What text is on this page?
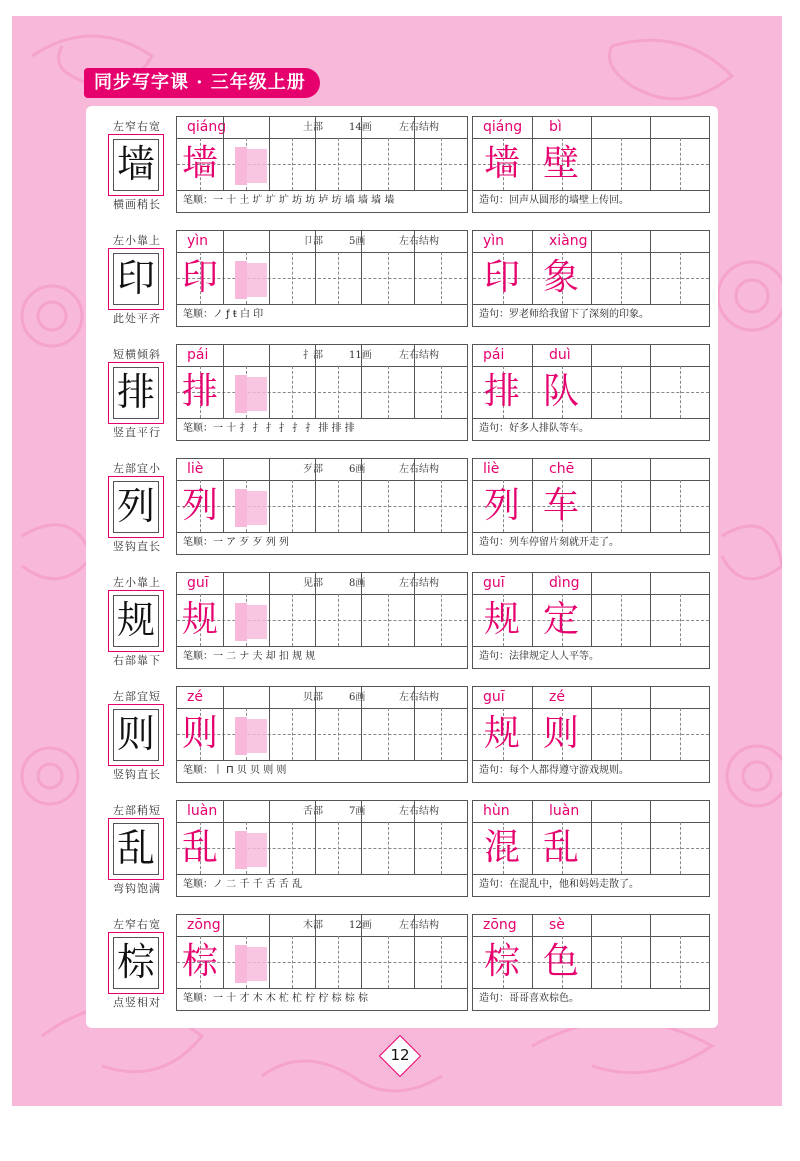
同步写字课 · 三年级上册
左窄右宽
墙
横画稍长
qiáng	土部	14画	左右结构
墙
笔顺：一 十 土 圹 圹 圹 坊 坊 垆 坊 墙 墙 墙 墙
qiáng bì
墙 壁
造句：回声从圆形的墙壁上传回。
左小靠上
印
此处平齐
yìn	卩部	5画	左右结构
印
笔顺：ノ ƒ ŧ 白 印
yìn	xiàng
印 象
造句：罗老师给我留下了深刻的印象。
短横倾斜
排
竖直平行
pái	扌部	11画	左右结构
排
笔顺：一 十 扌 扌 扌 扌 扌 扌 排 排 排
pái	duì
排 队
造句：好多人排队等车。
左部宜小
列
竖钩直长
liè	歹部	6画	左右结构
列
笔顺：一 ア 歹 歹 列 列
liè	chē
列 车
造句：列车停留片刻就开走了。
左小靠上
规
右部靠下
guī	见部	8画	左右结构
规
笔顺：一 二 ナ 夫 却 扣 规 规
guī	dìng
规 定
造句：法律规定人人平等。
左部宜短
则
竖钩直长
zé	贝部	6画	左右结构
则
笔顺：丨 П 贝 贝 则 则
guī	zé
规 则
造句：每个人都得遵守游戏规则。
左部稍短
乱
弯钩饱满
luàn	舌部	7画	左右结构
乱
笔顺：ノ 二 千 千 舌 舌 乱
hùn	luàn
混 乱
造句：在混乱中，他和妈妈走散了。
左窄右宽
棕
点竖相对
zōng	木部	12画	左右结构
棕
笔顺：一 十 才 木 木 杧 杧 柠 柠 棕 棕 棕
zōng sè
棕 色
造句：哥哥喜欢棕色。
12
